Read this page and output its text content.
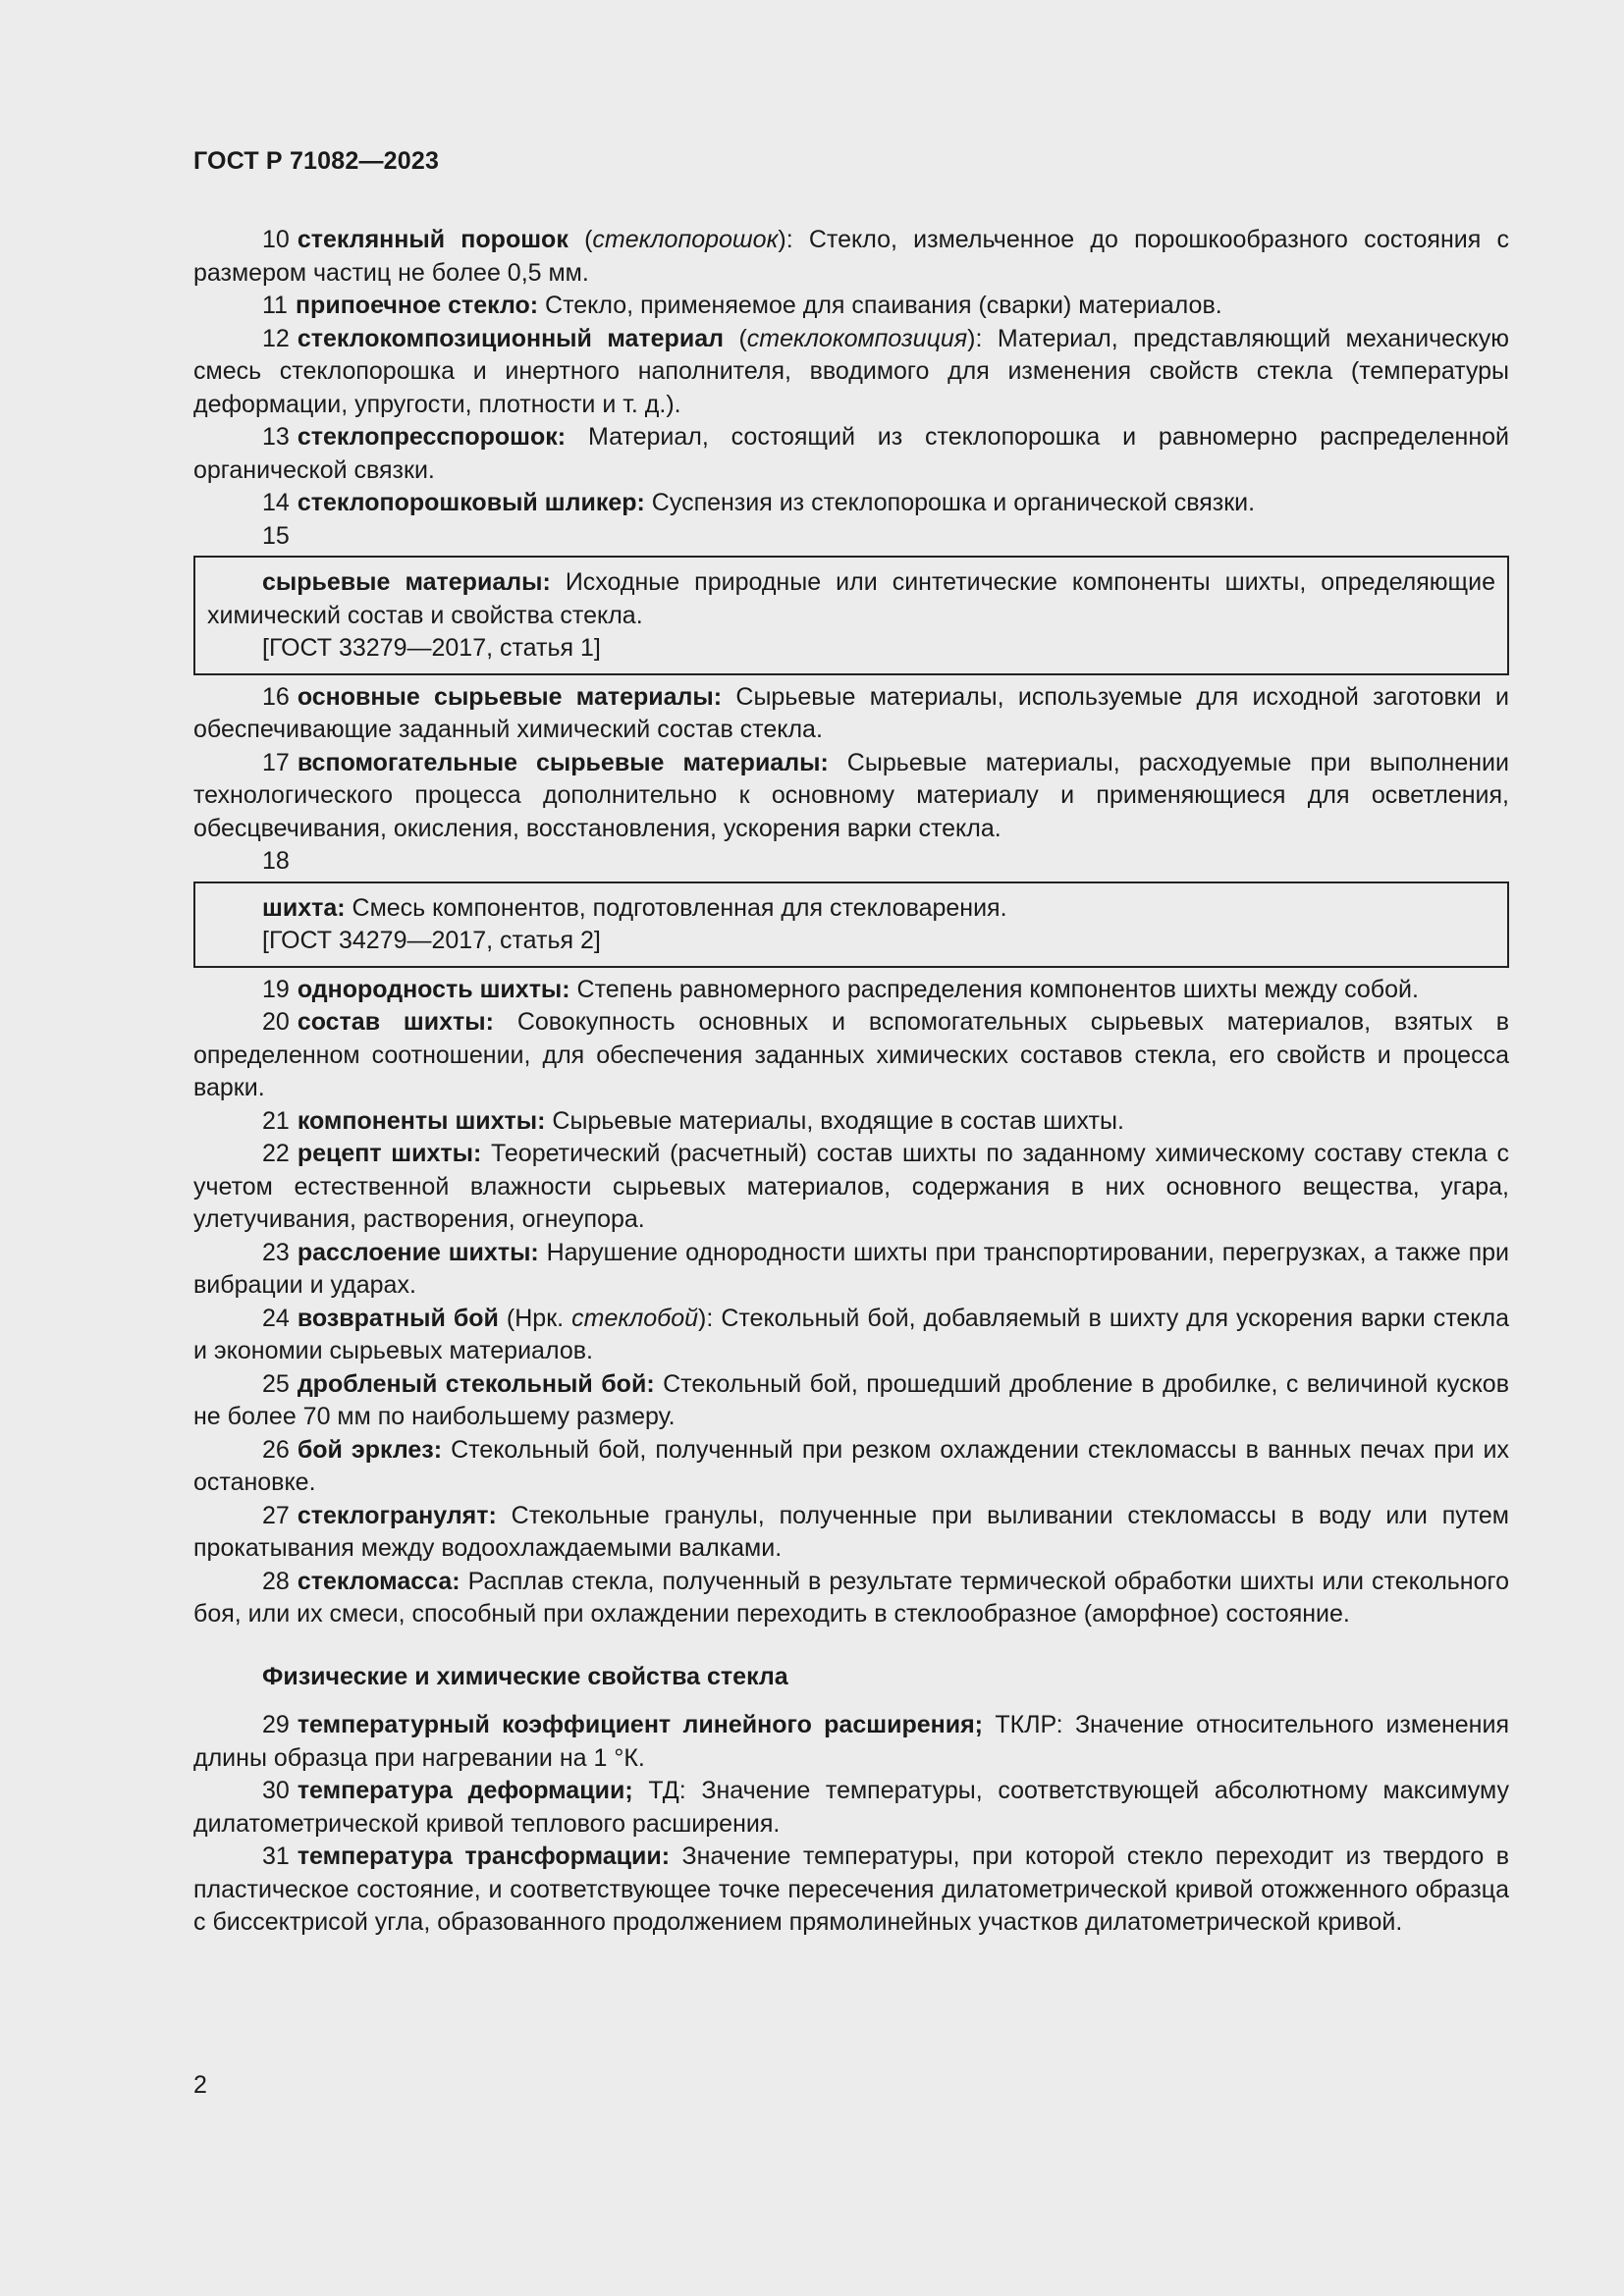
ГОСТ Р 71082—2023

10 стеклянный порошок (стеклопорошок): Стекло, измельченное до порошкообразного состояния с размером частиц не более 0,5 мм.

11 припоечное стекло: Стекло, применяемое для спаивания (сварки) материалов.

12 стеклокомпозиционный материал (стеклокомпозиция): Материал, представляющий механическую смесь стеклопорошка и инертного наполнителя, вводимого для изменения свойств стекла (температуры деформации, упругости, плотности и т. д.).

13 стеклопресспорошок: Материал, состоящий из стеклопорошка и равномерно распределенной органической связки.

14 стеклопорошковый шликер: Суспензия из стеклопорошка и органической связки.

15

сырьевые материалы: Исходные природные или синтетические компоненты шихты, определяющие химический состав и свойства стекла.

[ГОСТ 33279—2017, статья 1]

16 основные сырьевые материалы: Сырьевые материалы, используемые для исходной заготовки и обеспечивающие заданный химический состав стекла.

17 вспомогательные сырьевые материалы: Сырьевые материалы, расходуемые при выполнении технологического процесса дополнительно к основному материалу и применяющиеся для осветления, обесцвечивания, окисления, восстановления, ускорения варки стекла.

18

шихта: Смесь компонентов, подготовленная для стекловарения.

[ГОСТ 34279—2017, статья 2]

19 однородность шихты: Степень равномерного распределения компонентов шихты между собой.

20 состав шихты: Совокупность основных и вспомогательных сырьевых материалов, взятых в определенном соотношении, для обеспечения заданных химических составов стекла, его свойств и процесса варки.

21 компоненты шихты: Сырьевые материалы, входящие в состав шихты.

22 рецепт шихты: Теоретический (расчетный) состав шихты по заданному химическому составу стекла с учетом естественной влажности сырьевых материалов, содержания в них основного вещества, угара, улетучивания, растворения, огнеупора.

23 расслоение шихты: Нарушение однородности шихты при транспортировании, перегрузках, а также при вибрации и ударах.

24 возвратный бой (Нрк. стеклобой): Стекольный бой, добавляемый в шихту для ускорения варки стекла и экономии сырьевых материалов.

25 дробленый стекольный бой: Стекольный бой, прошедший дробление в дробилке, с величиной кусков не более 70 мм по наибольшему размеру.

26 бой эрклез: Стекольный бой, полученный при резком охлаждении стекломассы в ванных печах при их остановке.

27 стеклогранулят: Стекольные гранулы, полученные при выливании стекломассы в воду или путем прокатывания между водоохлаждаемыми валками.

28 стекломасса: Расплав стекла, полученный в результате термической обработки шихты или стекольного боя, или их смеси, способный при охлаждении переходить в стеклообразное (аморфное) состояние.

Физические и химические свойства стекла

29 температурный коэффициент линейного расширения; ТКЛР: Значение относительного изменения длины образца при нагревании на 1 °К.

30 температура деформации; ТД: Значение температуры, соответствующей абсолютному максимуму дилатометрической кривой теплового расширения.

31 температура трансформации: Значение температуры, при которой стекло переходит из твердого в пластическое состояние, и соответствующее точке пересечения дилатометрической кривой отожженного образца с биссектрисой угла, образованного продолжением прямолинейных участков дилатометрической кривой.

2
